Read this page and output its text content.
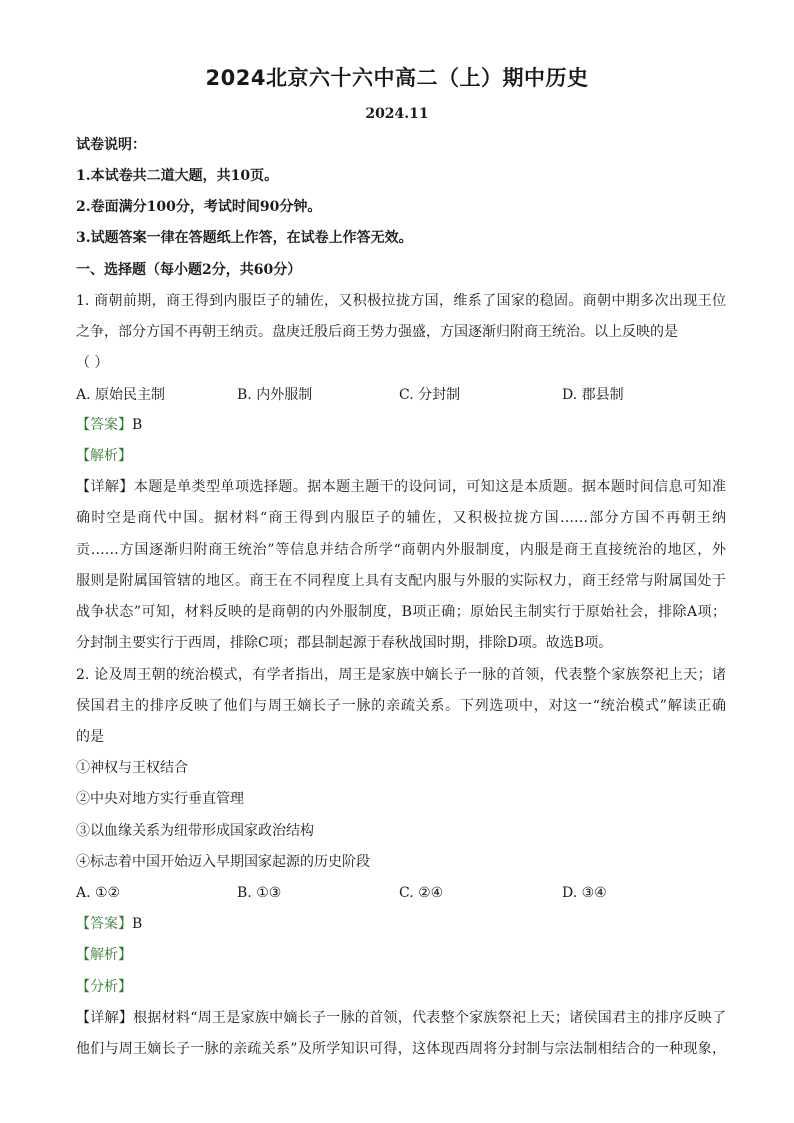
2024北京六十六中高二（上）期中历史
2024.11
试卷说明：
1.本试卷共二道大题，共10页。
2.卷面满分100分，考试时间90分钟。
3.试题答案一律在答题纸上作答，在试卷上作答无效。
一、选择题（每小题2分，共60分）
1. 商朝前期，商王得到内服臣子的辅佐，又积极拉拢方国，维系了国家的稳固。商朝中期多次出现王位
之争，部分方国不再朝王纳贡。盘庚迁殷后商王势力强盛，方国逐渐归附商王统治。以上反映的是
（ ）
A. 原始民主制	B. 内外服制	C. 分封制	D. 郡县制
【答案】B
【解析】
【详解】本题是单类型单项选择题。据本题主题干的设问词，可知这是本质题。据本题时间信息可知准
确时空是商代中国。据材料“商王得到内服臣子的辅佐，又积极拉拢方国……部分方国不再朝王纳
贡……方国逐渐归附商王统治”等信息并结合所学“商朝内外服制度，内服是商王直接统治的地区，外
服则是附属国管辖的地区。商王在不同程度上具有支配内服与外服的实际权力，商王经常与附属国处于
战争状态”可知，材料反映的是商朝的内外服制度，B项正确；原始民主制实行于原始社会，排除A项；
分封制主要实行于西周，排除C项；郡县制起源于春秋战国时期，排除D项。故选B项。
2. 论及周王朝的统治模式，有学者指出，周王是家族中嫡长子一脉的首领，代表整个家族祭祀上天；诸
侯国君主的排序反映了他们与周王嫡长子一脉的亲疏关系。下列选项中，对这一“统治模式”解读正确
的是
①神权与王权结合
②中央对地方实行垂直管理
③以血缘关系为纽带形成国家政治结构
④标志着中国开始迈入早期国家起源的历史阶段
A. ①②	B. ①③	C. ②④	D. ③④
【答案】B
【解析】
【分析】
【详解】根据材料“周王是家族中嫡长子一脉的首领，代表整个家族祭祀上天；诸侯国君主的排序反映了
他们与周王嫡长子一脉的亲疏关系”及所学知识可得，这体现西周将分封制与宗法制相结合的一种现象，
